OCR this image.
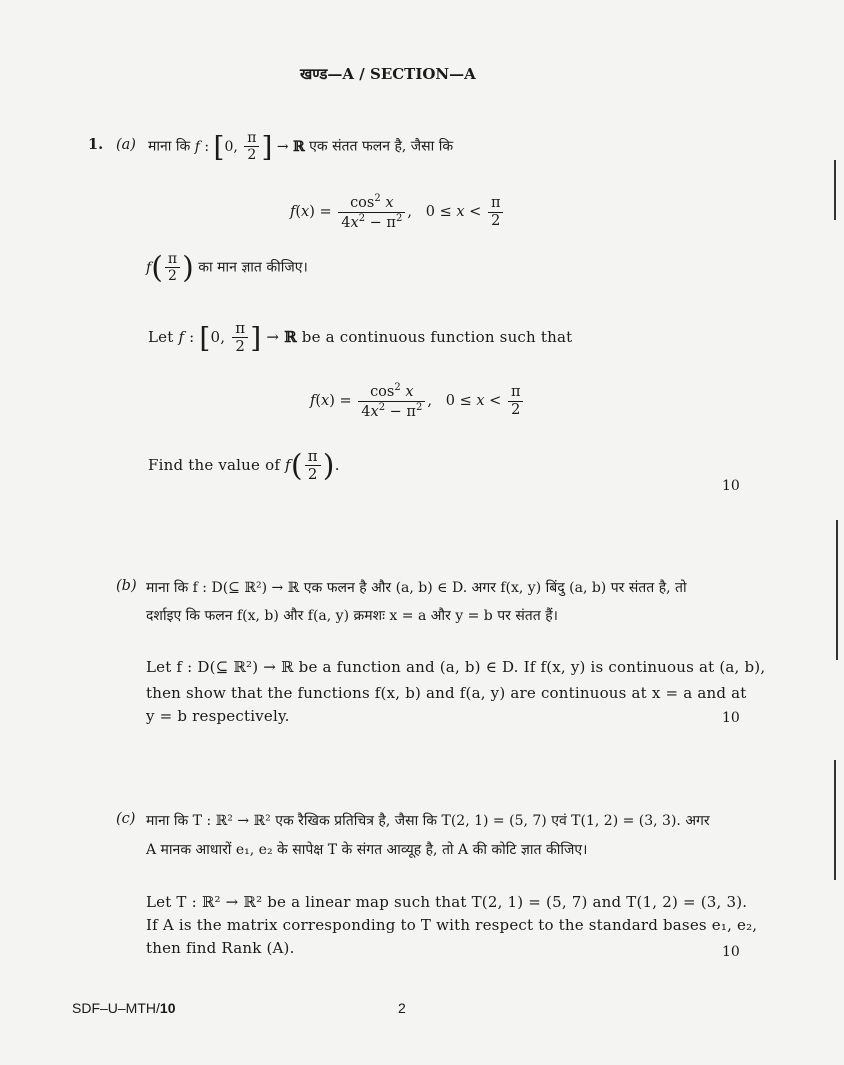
खण्ड—A / SECTION—A
1. (a) माना कि f : [0, $\frac{\pi}{2}$ ] → ℝ एक संतत फलन है, जैसा कि
$f(x) = \frac{\cos^2 x}{4x^2 - \pi^2}$ ,   $0 \le x < \frac{\pi}{2}$
$f( \frac{\pi}{2}$ ) का मान ज्ञात कीजिए।
Let f : [0, $\frac{\pi}{2}$ ] → ℝ be a continuous function such that
$f(x) = \frac{\cos^2 x}{4x^2 - \pi^2}$ ,   $0 \le x < \frac{\pi}{2}$
Find the value of $f( \frac{\pi}{2}$ ).
10
(b) माना कि f : D(⊆ ℝ²) → ℝ एक फलन है और (a, b) ∈ D. अगर f(x, y) बिंदु (a, b) पर संतत है, तो
दर्शाइए कि फलन f(x, b) और f(a, y) क्रमशः x = a और y = b पर संतत हैं।
Let f : D(⊆ ℝ²) → ℝ be a function and (a, b) ∈ D. If f(x, y) is continuous at (a, b),
then show that the functions f(x, b) and f(a, y) are continuous at x = a and at
y = b respectively.	10
(c) माना कि T : ℝ² → ℝ² एक रैखिक प्रतिचित्र है, जैसा कि T(2, 1) = (5, 7) एवं T(1, 2) = (3, 3). अगर
A मानक आधारों e₁, e₂ के सापेक्ष T के संगत आव्यूह है, तो A की कोटि ज्ञात कीजिए।
Let T : ℝ² → ℝ² be a linear map such that T(2, 1) = (5, 7) and T(1, 2) = (3, 3).
If A is the matrix corresponding to T with respect to the standard bases e₁, e₂,
then find Rank (A).	10
SDF–U–MTH/10	2
